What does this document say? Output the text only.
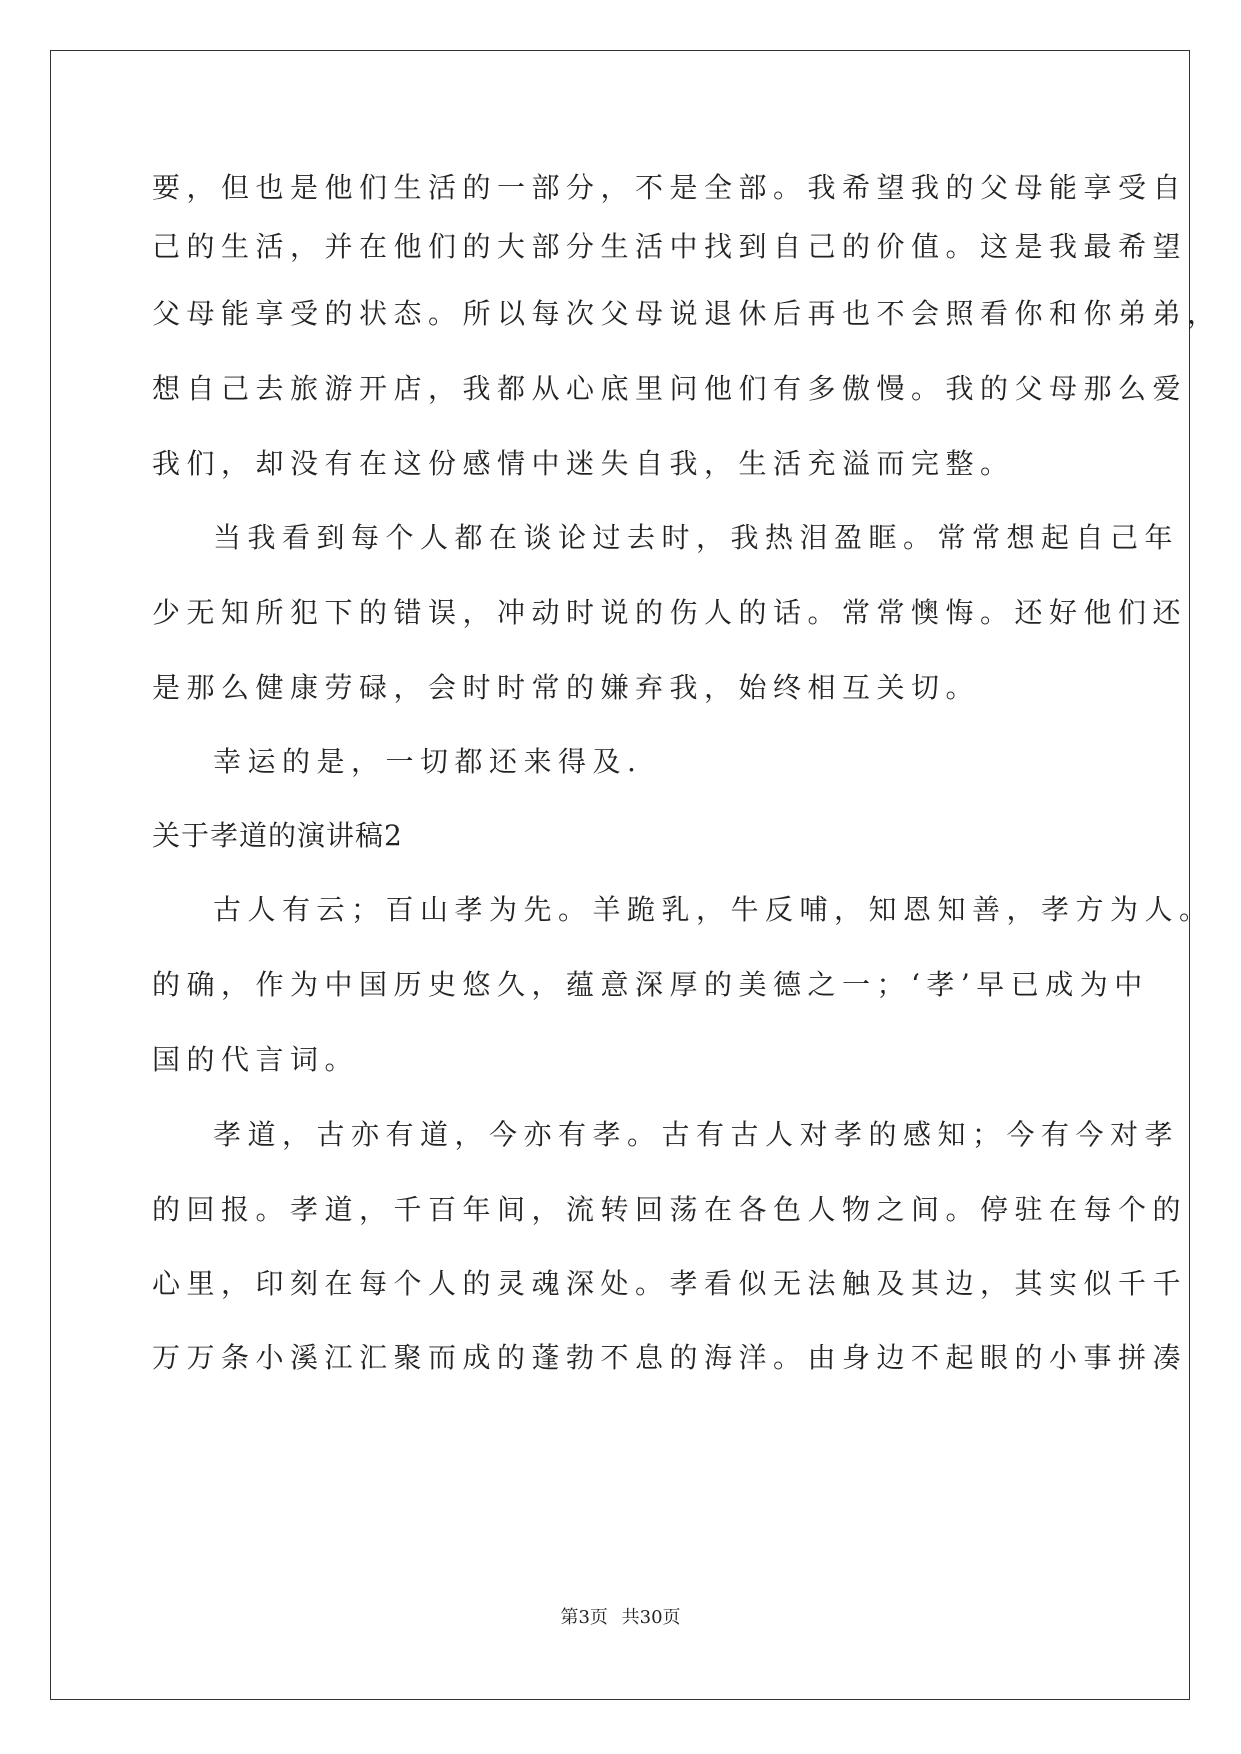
要，但也是他们生活的一部分，不是全部。我希望我的父母能享受自
己的生活，并在他们的大部分生活中找到自己的价值。这是我最希望
父母能享受的状态。所以每次父母说退休后再也不会照看你和你弟弟，
想自己去旅游开店，我都从心底里问他们有多傲慢。我的父母那么爱
我们，却没有在这份感情中迷失自我，生活充溢而完整。
当我看到每个人都在谈论过去时，我热泪盈眶。常常想起自己年
少无知所犯下的错误，冲动时说的伤人的话。常常懊悔。还好他们还
是那么健康劳碌，会时时常的嫌弃我，始终相互关切。
幸运的是，一切都还来得及.
关于孝道的演讲稿2
古人有云；百山孝为先。羊跪乳，牛反哺，知恩知善，孝方为人。
的确，作为中国历史悠久，蕴意深厚的美德之一；‘孝’早已成为中
国的代言词。
孝道，古亦有道，今亦有孝。古有古人对孝的感知；今有今对孝
的回报。孝道，千百年间，流转回荡在各色人物之间。停驻在每个的
心里，印刻在每个人的灵魂深处。孝看似无法触及其边，其实似千千
万万条小溪江汇聚而成的蓬勃不息的海洋。由身边不起眼的小事拼凑
第3页 共30页
